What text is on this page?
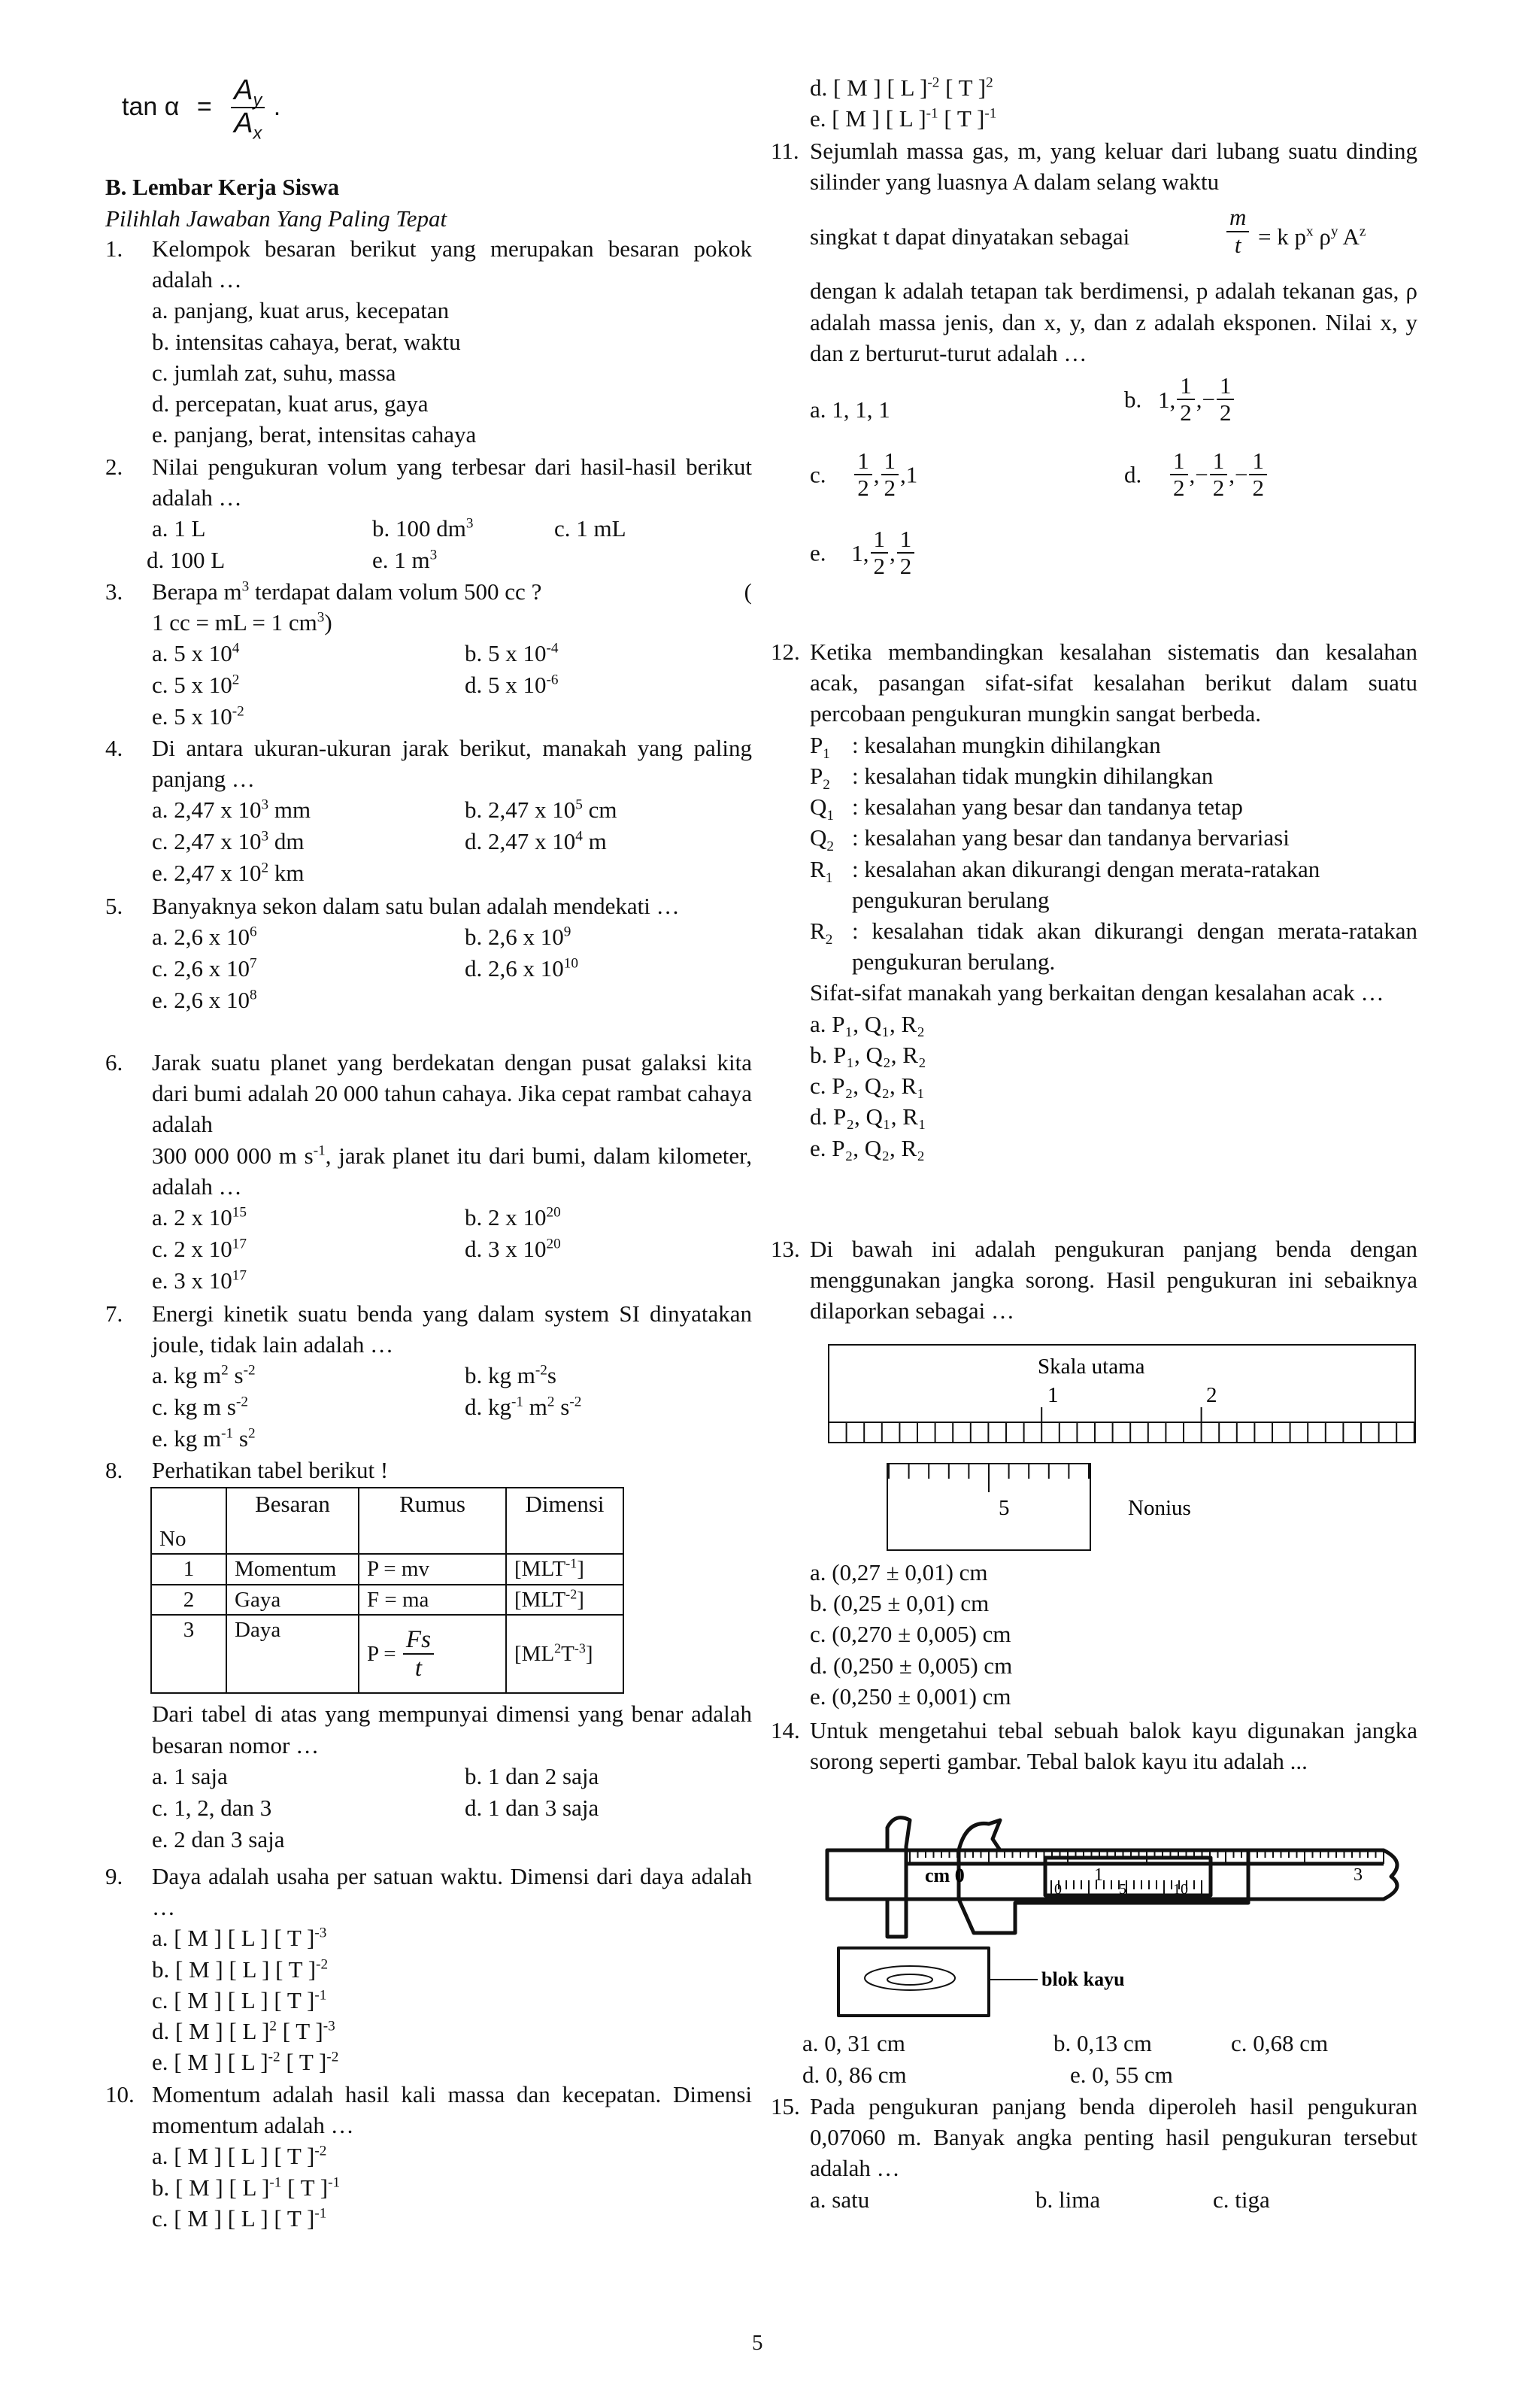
$\tan \alpha = \frac{A_y}{A_x}$ .
B. Lembar Kerja Siswa
Pilihlah Jawaban Yang Paling Tepat
1. Kelompok besaran berikut yang merupakan besaran pokok adalah …
a. panjang, kuat arus, kecepatan
b. intensitas cahaya, berat, waktu
c. jumlah zat, suhu, massa
d. percepatan, kuat arus, gaya
e. panjang, berat, intensitas cahaya
2. Nilai pengukuran volum yang terbesar dari hasil-hasil berikut adalah …
a. 1 L	b. 100 $dm^3$	c. 1 mL
d. 100 L	e. 1 $m^3$
3. Berapa $m^3$ terdapat dalam volum 500 cc ?	(
1 cc = mL = 1 $cm^3$)
a. 5 x $10^4$	b. 5 x $10^{-4}$
c. 5 x $10^2$	d. 5 x $10^{-6}$
e. 5 x $10^{-2}$
4. Di antara ukuran-ukuran jarak berikut, manakah yang paling panjang …
a. 2,47 x $10^3$ mm	b. 2,47 x $10^5$ cm
c. 2,47 x $10^3$ dm	d. 2,47 x $10^4$ m
e. 2,47 x $10^2$ km
5. Banyaknya sekon dalam satu bulan adalah mendekati …
a. 2,6 x $10^6$	b. 2,6 x $10^9$
c. 2,6 x $10^7$	d. 2,6 x $10^{10}$
e. 2,6 x $10^8$
6. Jarak suatu planet yang berdekatan dengan pusat galaksi kita dari bumi adalah 20 000 tahun cahaya. Jika cepat rambat cahaya adalah
300 000 000 m $s^{-1}$, jarak planet itu dari bumi, dalam kilometer, adalah …
a. 2 x $10^{15}$	b. 2 x $10^{20}$
c. 2 x $10^{17}$	d. 3 x $10^{20}$
e. 3 x $10^{17}$
7. Energi kinetik suatu benda yang dalam system SI dinyatakan joule, tidak lain adalah …
a. kg $m^2$ $s^{-2}$	b. kg $m^{-2}s$
c. kg m $s^{-2}$	d. $kg^{-1}$ $m^2$ $s^{-2}$
e. kg $m^{-1}$ $s^2$
8. Perhatikan tabel berikut !
No	Besaran	Rumus	Dimensi
1	Momentum	P = mv	$[MLT^{-1}]$
2	Gaya	F = ma	$[MLT^{-2}]$
3	Daya	$P = \frac{Fs}{t}$	$[ML^2T^{-3}]$
Dari tabel di atas yang mempunyai dimensi yang benar adalah besaran nomor …
a. 1 saja	b. 1 dan 2 saja
c. 1, 2, dan 3	d. 1 dan 3 saja
e. 2 dan 3 saja
9. Daya adalah usaha per satuan waktu. Dimensi dari daya adalah …
a. [ M ] [ L ] [ T ]$^{-3}$
b. [ M ] [ L ] [ T ]$^{-2}$
c. [ M ] [ L ] [ T ]$^{-1}$
d. [ M ] [ L ]$^2$ [ T ]$^{-3}$
e. [ M ] [ L ]$^{-2}$ [ T ]$^{-2}$
10. Momentum adalah hasil kali massa dan kecepatan. Dimensi momentum adalah …
a. [ M ] [ L ] [ T ]$^{-2}$
b. [ M ] [ L ]$^{-1}$ [ T ]$^{-1}$
c. [ M ] [ L ] [ T ]$^{-1}$
d. [ M ] [ L ]$^{-2}$ [ T ]$^2$
e. [ M ] [ L ]$^{-1}$ [ T ]$^{-1}$
11. Sejumlah massa gas, m, yang keluar dari lubang suatu dinding silinder yang luasnya A dalam selang waktu
singkat t dapat dinyatakan sebagai	$\frac{m}{t} = k$ $p^x$ $\rho^y$ $A^z$
dengan k adalah tetapan tak berdimensi, p adalah tekanan gas, ρ adalah massa jenis, dan x, y, dan z adalah eksponen. Nilai x, y dan z berturut-turut adalah …
a. 1, 1, 1	b. 1, $\frac{1}{2}$ ,− $\frac{1}{2}$
c. $\frac{1}{2}$ , $\frac{1}{2} ,1$	d. $\frac{1}{2}$ ,− $\frac{1}{2}$ ,− $\frac{1}{2}$
e. 1, $\frac{1}{2}$ , $\frac{1}{2}$
12. Ketika membandingkan kesalahan sistematis dan kesalahan acak, pasangan sifat-sifat kesalahan berikut dalam suatu percobaan pengukuran mungkin sangat berbeda.
$P_1$ : kesalahan mungkin dihilangkan
$P_2$ : kesalahan tidak mungkin dihilangkan
$Q_1$ : kesalahan yang besar dan tandanya tetap
$Q_2$ : kesalahan yang besar dan tandanya bervariasi
$R_1$ : kesalahan akan dikurangi dengan merata-ratakan pengukuran berulang
$R_2$ : kesalahan tidak akan dikurangi dengan merata-ratakan pengukuran berulang.
Sifat-sifat manakah yang berkaitan dengan kesalahan acak …
a. P₁, Q₁, R₂
b. P₁, Q₂, R₂
c. P₂, Q₂, R₁
d. P₂, Q₁, R₁
e. P₂, Q₂, R₂
13. Di bawah ini adalah pengukuran panjang benda dengan menggunakan jangka sorong. Hasil pengukuran ini sebaiknya dilaporkan sebagai …
Skala utama
1	2
5	Nonius
a. (0,27 ± 0,01) cm
b. (0,25 ± 0,01) cm
c. (0,270 ± 0,005) cm
d. (0,250 ± 0,005) cm
e. (0,250 ± 0,001) cm
14. Untuk mengetahui tebal sebuah balok kayu digunakan jangka sorong seperti gambar. Tebal balok kayu itu adalah ...
cm 0	1	3
0	5	10
blok kayu
a. 0, 31 cm	b. 0,13 cm	c. 0,68 cm
d. 0, 86 cm	e. 0, 55 cm
15. Pada pengukuran panjang benda diperoleh hasil pengukuran 0,07060 m. Banyak angka penting hasil pengukuran tersebut adalah …
a. satu	b. lima	c. tiga
5
